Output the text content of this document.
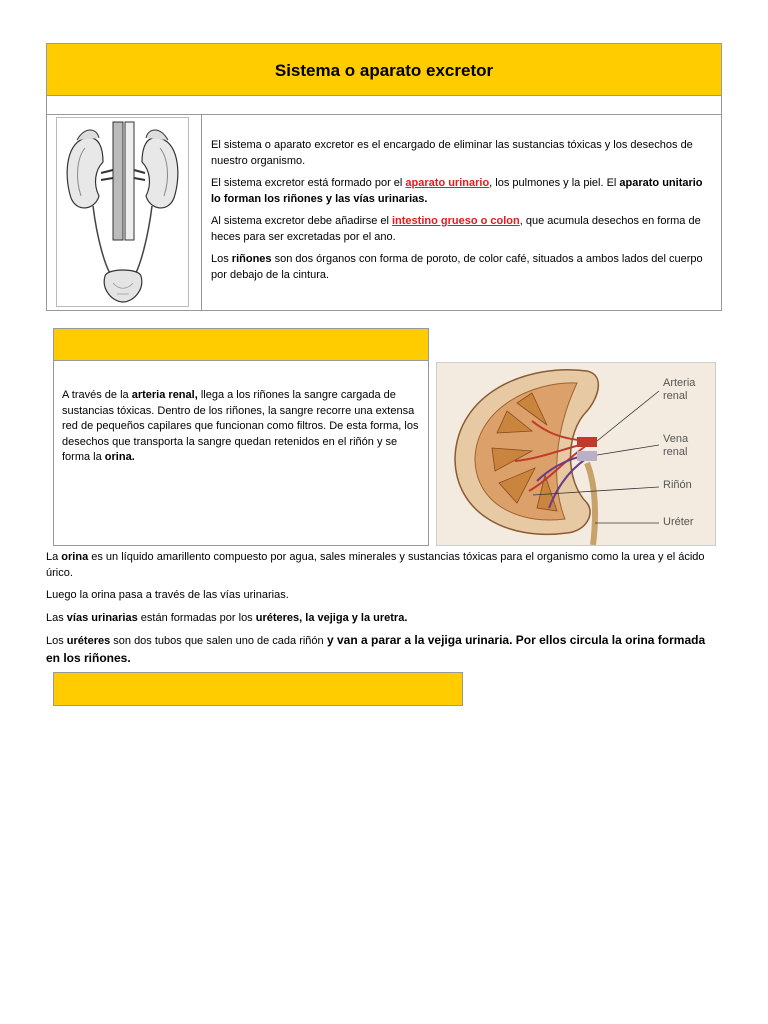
Sistema o aparato excretor

El sistema o aparato excretor es el encargado de eliminar las sustancias tóxicas y los desechos de nuestro organismo.

El sistema excretor está formado por el aparato urinario, los pulmones y la piel. El aparato unitario lo forman los riñones y las vías urinarias.

Al sistema excretor debe añadirse el intestino grueso o colon, que acumula desechos en forma de heces para ser excretadas por el ano.

Los riñones son dos órganos con forma de poroto, de color café, situados a ambos lados del cuerpo por debajo de la cintura.

A través de la arteria renal, llega a los riñones la sangre cargada de sustancias tóxicas. Dentro de los riñones, la sangre recorre una extensa red de pequeños capilares que funcionan como filtros. De esta forma, los desechos que transporta la sangre quedan retenidos en el riñón y se forma la orina.
Arteria
renal
Vena
renal
Riñón
Uréter
La orina es un líquido amarillento compuesto por agua, sales minerales y sustancias tóxicas para el organismo como la urea y el ácido úrico.
Luego la orina pasa a través de las vías urinarias.
Las vías urinarias están formadas por los uréteres, la vejiga y la uretra.
Los uréteres son dos tubos que salen uno de cada riñón y van a parar a la vejiga urinaria. Por ellos circula la orina formada en los riñones.
